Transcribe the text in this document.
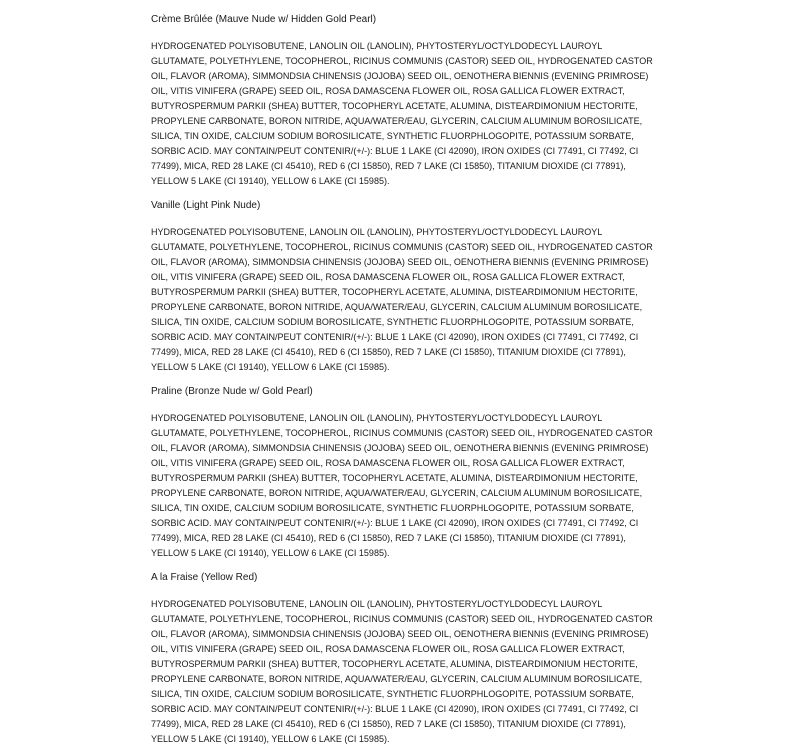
Crème Brûlée (Mauve Nude w/ Hidden Gold Pearl)

HYDROGENATED POLYISOBUTENE, LANOLIN OIL (LANOLIN), PHYTOSTERYL/OCTYLDODECYL LAUROYL GLUTAMATE, POLYETHYLENE, TOCOPHEROL, RICINUS COMMUNIS (CASTOR) SEED OIL, HYDROGENATED CASTOR OIL, FLAVOR (AROMA), SIMMONDSIA CHINENSIS (JOJOBA) SEED OIL, OENOTHERA BIENNIS (EVENING PRIMROSE) OIL, VITIS VINIFERA (GRAPE) SEED OIL, ROSA DAMASCENA FLOWER OIL, ROSA GALLICA FLOWER EXTRACT, BUTYROSPERMUM PARKII (SHEA) BUTTER, TOCOPHERYL ACETATE, ALUMINA, DISTEARDIMONIUM HECTORITE, PROPYLENE CARBONATE, BORON NITRIDE, AQUA/WATER/EAU, GLYCERIN, CALCIUM ALUMINUM BOROSILICATE, SILICA, TIN OXIDE, CALCIUM SODIUM BOROSILICATE, SYNTHETIC FLUORPHLOGOPITE, POTASSIUM SORBATE, SORBIC ACID. MAY CONTAIN/PEUT CONTENIR/(+/-): BLUE 1 LAKE (CI 42090), IRON OXIDES (CI 77491, CI 77492, CI 77499), MICA, RED 28 LAKE (CI 45410), RED 6 (CI 15850), RED 7 LAKE (CI 15850), TITANIUM DIOXIDE (CI 77891), YELLOW 5 LAKE (CI 19140), YELLOW 6 LAKE (CI 15985).

Vanille (Light Pink Nude)

HYDROGENATED POLYISOBUTENE, LANOLIN OIL (LANOLIN), PHYTOSTERYL/OCTYLDODECYL LAUROYL GLUTAMATE, POLYETHYLENE, TOCOPHEROL, RICINUS COMMUNIS (CASTOR) SEED OIL, HYDROGENATED CASTOR OIL, FLAVOR (AROMA), SIMMONDSIA CHINENSIS (JOJOBA) SEED OIL, OENOTHERA BIENNIS (EVENING PRIMROSE) OIL, VITIS VINIFERA (GRAPE) SEED OIL, ROSA DAMASCENA FLOWER OIL, ROSA GALLICA FLOWER EXTRACT, BUTYROSPERMUM PARKII (SHEA) BUTTER, TOCOPHERYL ACETATE, ALUMINA, DISTEARDIMONIUM HECTORITE, PROPYLENE CARBONATE, BORON NITRIDE, AQUA/WATER/EAU, GLYCERIN, CALCIUM ALUMINUM BOROSILICATE, SILICA, TIN OXIDE, CALCIUM SODIUM BOROSILICATE, SYNTHETIC FLUORPHLOGOPITE, POTASSIUM SORBATE, SORBIC ACID. MAY CONTAIN/PEUT CONTENIR/(+/-): BLUE 1 LAKE (CI 42090), IRON OXIDES (CI 77491, CI 77492, CI 77499), MICA, RED 28 LAKE (CI 45410), RED 6 (CI 15850), RED 7 LAKE (CI 15850), TITANIUM DIOXIDE (CI 77891), YELLOW 5 LAKE (CI 19140), YELLOW 6 LAKE (CI 15985).

Praline (Bronze Nude w/ Gold Pearl)

HYDROGENATED POLYISOBUTENE, LANOLIN OIL (LANOLIN), PHYTOSTERYL/OCTYLDODECYL LAUROYL GLUTAMATE, POLYETHYLENE, TOCOPHEROL, RICINUS COMMUNIS (CASTOR) SEED OIL, HYDROGENATED CASTOR OIL, FLAVOR (AROMA), SIMMONDSIA CHINENSIS (JOJOBA) SEED OIL, OENOTHERA BIENNIS (EVENING PRIMROSE) OIL, VITIS VINIFERA (GRAPE) SEED OIL, ROSA DAMASCENA FLOWER OIL, ROSA GALLICA FLOWER EXTRACT, BUTYROSPERMUM PARKII (SHEA) BUTTER, TOCOPHERYL ACETATE, ALUMINA, DISTEARDIMONIUM HECTORITE, PROPYLENE CARBONATE, BORON NITRIDE, AQUA/WATER/EAU, GLYCERIN, CALCIUM ALUMINUM BOROSILICATE, SILICA, TIN OXIDE, CALCIUM SODIUM BOROSILICATE, SYNTHETIC FLUORPHLOGOPITE, POTASSIUM SORBATE, SORBIC ACID. MAY CONTAIN/PEUT CONTENIR/(+/-): BLUE 1 LAKE (CI 42090), IRON OXIDES (CI 77491, CI 77492, CI 77499), MICA, RED 28 LAKE (CI 45410), RED 6 (CI 15850), RED 7 LAKE (CI 15850), TITANIUM DIOXIDE (CI 77891), YELLOW 5 LAKE (CI 19140), YELLOW 6 LAKE (CI 15985).

A la Fraise (Yellow Red)

HYDROGENATED POLYISOBUTENE, LANOLIN OIL (LANOLIN), PHYTOSTERYL/OCTYLDODECYL LAUROYL GLUTAMATE, POLYETHYLENE, TOCOPHEROL, RICINUS COMMUNIS (CASTOR) SEED OIL, HYDROGENATED CASTOR OIL, FLAVOR (AROMA), SIMMONDSIA CHINENSIS (JOJOBA) SEED OIL, OENOTHERA BIENNIS (EVENING PRIMROSE) OIL, VITIS VINIFERA (GRAPE) SEED OIL, ROSA DAMASCENA FLOWER OIL, ROSA GALLICA FLOWER EXTRACT, BUTYROSPERMUM PARKII (SHEA) BUTTER, TOCOPHERYL ACETATE, ALUMINA, DISTEARDIMONIUM HECTORITE, PROPYLENE CARBONATE, BORON NITRIDE, AQUA/WATER/EAU, GLYCERIN, CALCIUM ALUMINUM BOROSILICATE, SILICA, TIN OXIDE, CALCIUM SODIUM BOROSILICATE, SYNTHETIC FLUORPHLOGOPITE, POTASSIUM SORBATE, SORBIC ACID. MAY CONTAIN/PEUT CONTENIR/(+/-): BLUE 1 LAKE (CI 42090), IRON OXIDES (CI 77491, CI 77492, CI 77499), MICA, RED 28 LAKE (CI 45410), RED 6 (CI 15850), RED 7 LAKE (CI 15850), TITANIUM DIOXIDE (CI 77891), YELLOW 5 LAKE (CI 19140), YELLOW 6 LAKE (CI 15985).
